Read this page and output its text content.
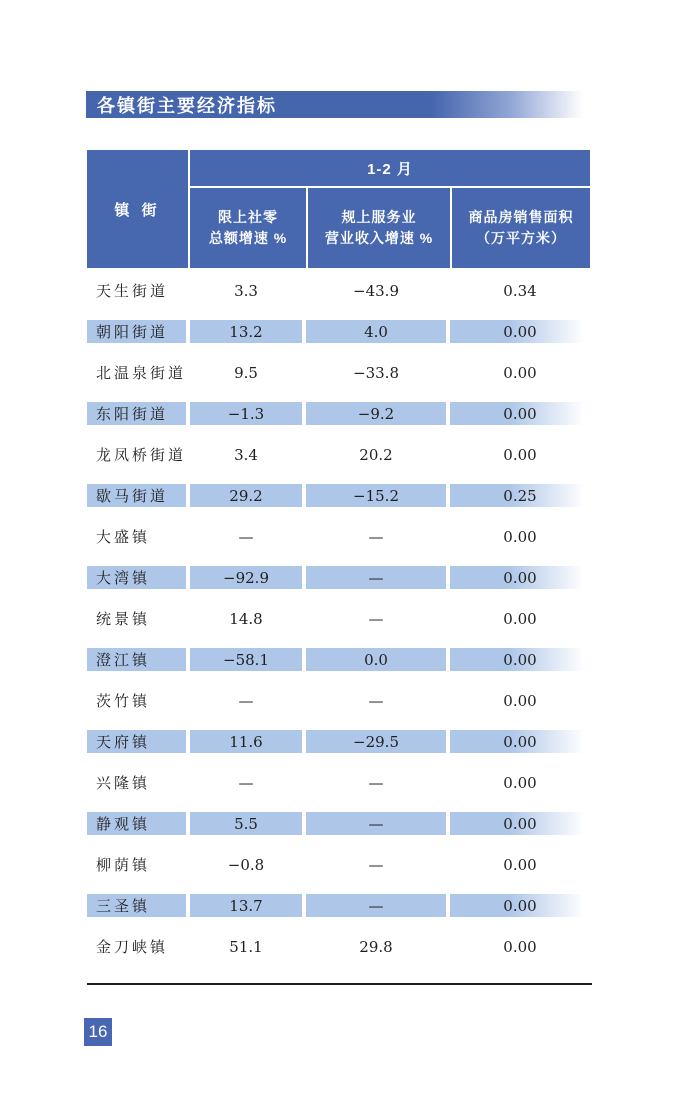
各镇街主要经济指标
镇 街
1-2 月
限上社零
总额增速 %
规上服务业
营业收入增速 %
商品房销售面积
（万平方米）
天生街道	3.3	−43.9	0.34
朝阳街道	13.2	4.0	0.00
北温泉街道	9.5	−33.8	0.00
东阳街道	−1.3	−9.2	0.00
龙凤桥街道	3.4	20.2	0.00
歇马街道	29.2	−15.2	0.25
大盛镇	—	—	0.00
大湾镇	−92.9	—	0.00
统景镇	14.8	—	0.00
澄江镇	−58.1	0.0	0.00
茨竹镇	—	—	0.00
天府镇	11.6	−29.5	0.00
兴隆镇	—	—	0.00
静观镇	5.5	—	0.00
柳荫镇	−0.8	—	0.00
三圣镇	13.7	—	0.00
金刀峡镇	51.1	29.8	0.00
16
